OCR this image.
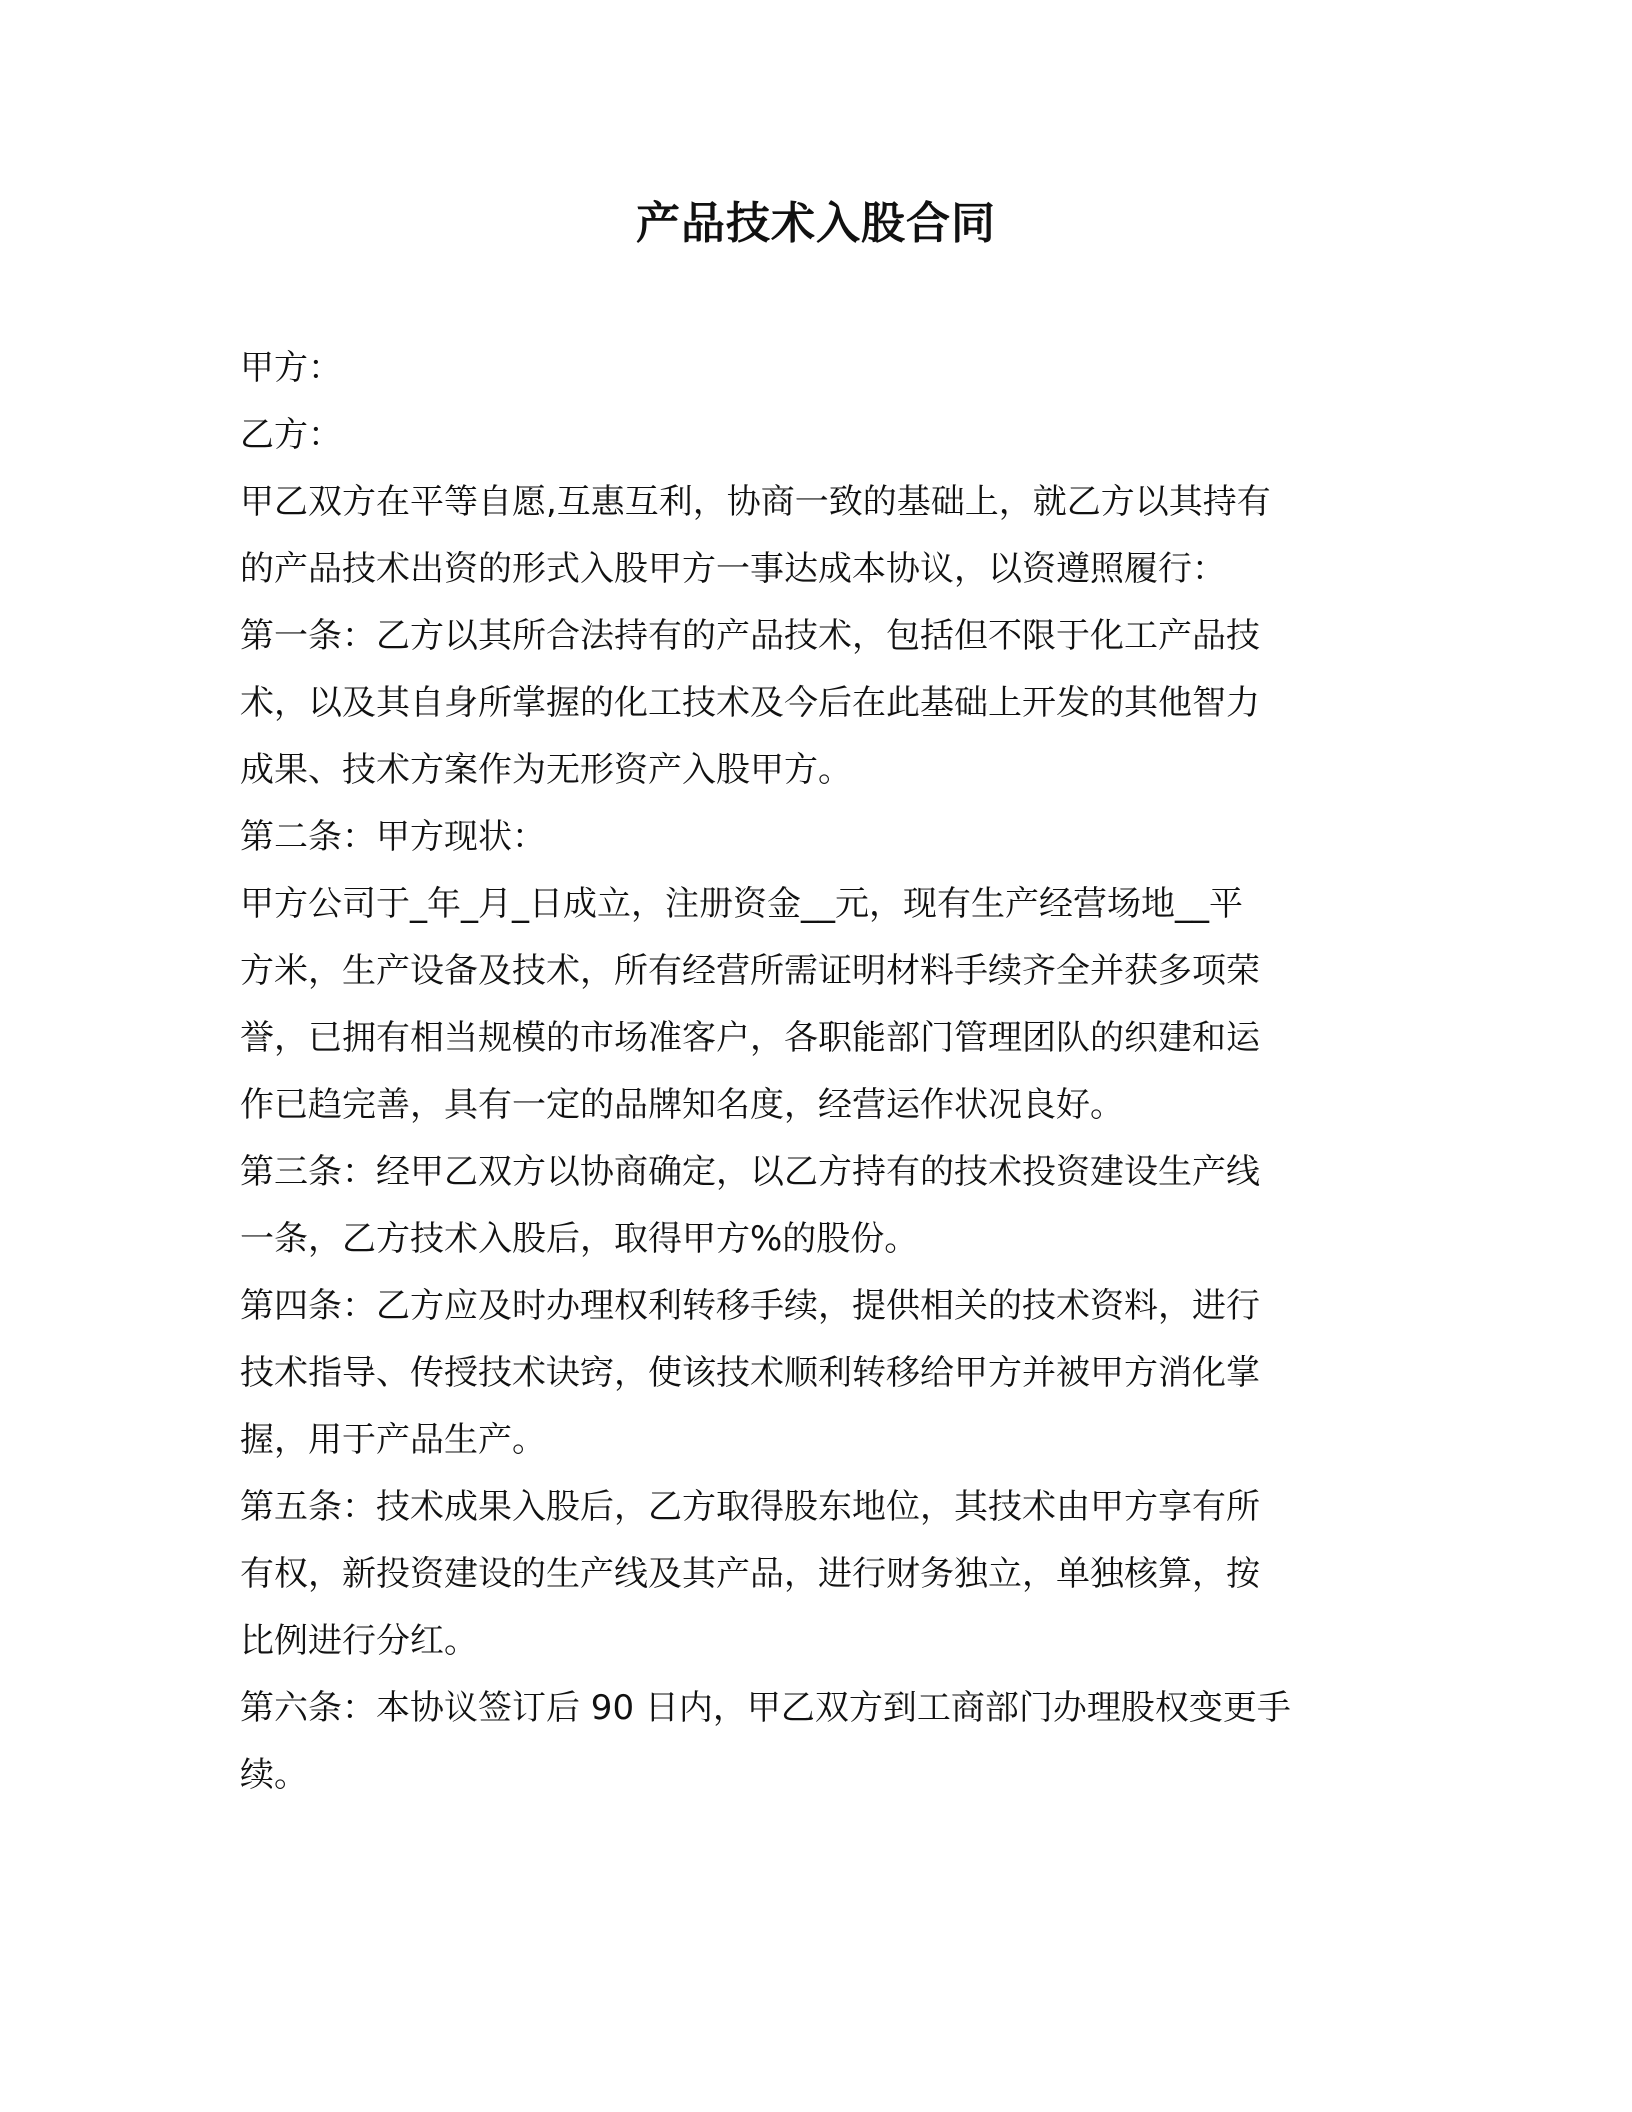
产品技术入股合同
甲方：
乙方：
甲乙双方在平等自愿,互惠互利，协商一致的基础上，就乙方以其持有
的产品技术出资的形式入股甲方一事达成本协议，以资遵照履行：
第一条：乙方以其所合法持有的产品技术，包括但不限于化工产品技
术，以及其自身所掌握的化工技术及今后在此基础上开发的其他智力
成果、技术方案作为无形资产入股甲方。
第二条：甲方现状：
甲方公司于_年_月_日成立，注册资金__元，现有生产经营场地__平
方米，生产设备及技术，所有经营所需证明材料手续齐全并获多项荣
誉，已拥有相当规模的市场准客户，各职能部门管理团队的织建和运
作已趋完善，具有一定的品牌知名度，经营运作状况良好。
第三条：经甲乙双方以协商确定，以乙方持有的技术投资建设生产线
一条，乙方技术入股后，取得甲方%的股份。
第四条：乙方应及时办理权利转移手续，提供相关的技术资料，进行
技术指导、传授技术诀窍，使该技术顺利转移给甲方并被甲方消化掌
握，用于产品生产。
第五条：技术成果入股后，乙方取得股东地位，其技术由甲方享有所
有权，新投资建设的生产线及其产品，进行财务独立，单独核算，按
比例进行分红。
第六条：本协议签订后 90 日内，甲乙双方到工商部门办理股权变更手
续。
